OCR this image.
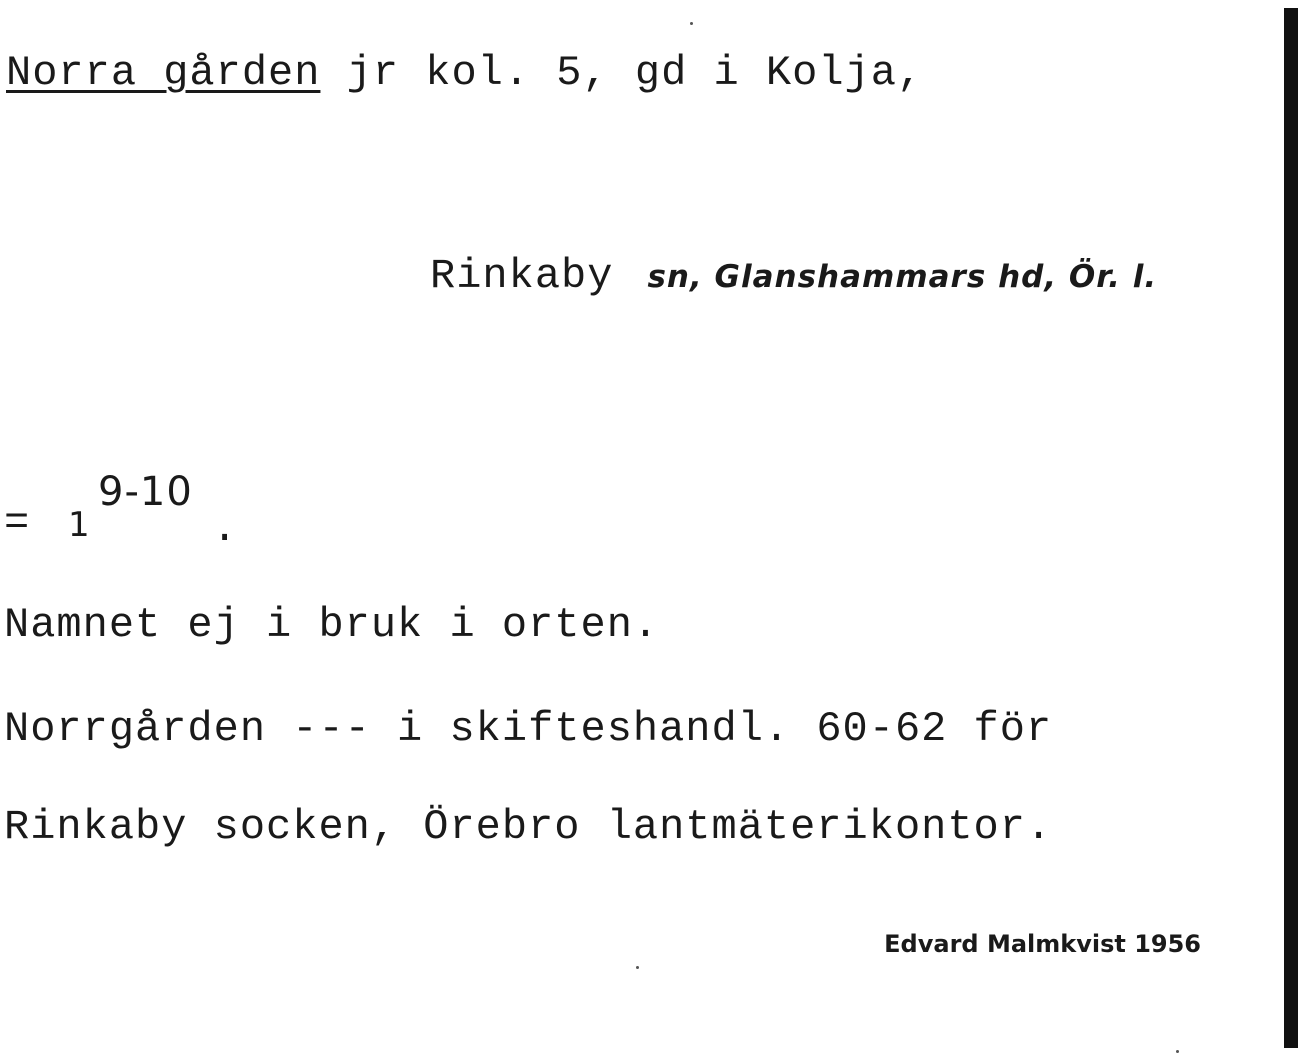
Norra gården jr kol. 5, gd i Kolja,
Rinkaby sn, Glanshammars hd, Ör. l.

=

1

9-10

.

Namnet ej i bruk i orten.
Norrgården --- i skifteshandl. 60-62 för
Rinkaby socken, Örebro lantmäterikontor.
Edvard Malmkvist 1956
